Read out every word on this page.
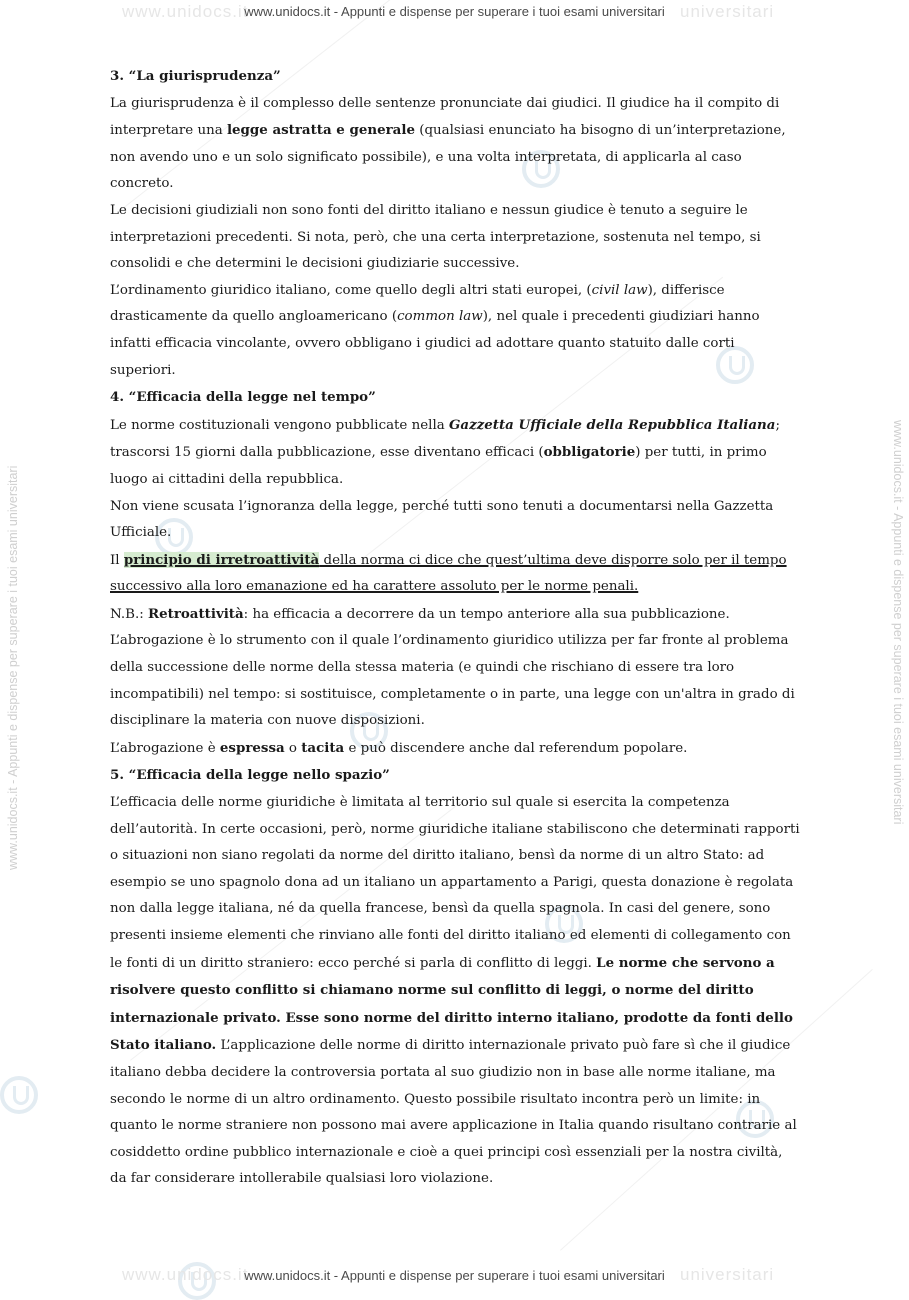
www.unidocs.it	universitari
www.unidocs.it	universitari
www.unidocs.it - Appunti e dispense per superare i tuoi esami universitari
www.unidocs.it - Appunti e dispense per superare i tuoi esami universitari
www.unidocs.it - Appunti e dispense per superare i tuoi esami universitari	www.unidocs.it - Appunti e dispense per superare i tuoi esami universitari

3. “La giurisprudenza”

La giurisprudenza è il complesso delle sentenze pronunciate dai giudici. Il giudice ha il compito di interpretare una legge astratta e generale (qualsiasi enunciato ha bisogno di un’interpretazione, non avendo uno e un solo significato possibile), e una volta interpretata, di applicarla al caso concreto.

Le decisioni giudiziali non sono fonti del diritto italiano e nessun giudice è tenuto a seguire le interpretazioni precedenti. Si nota, però, che una certa interpretazione, sostenuta nel tempo, si consolidi e che determini le decisioni giudiziarie successive.

L’ordinamento giuridico italiano, come quello degli altri stati europei, (civil law), differisce drasticamente da quello angloamericano (common law), nel quale i precedenti giudiziari hanno infatti efficacia vincolante, ovvero obbligano i giudici ad adottare quanto statuito dalle corti superiori.

4. “Efficacia della legge nel tempo”

Le norme costituzionali vengono pubblicate nella Gazzetta Ufficiale della Repubblica Italiana; trascorsi 15 giorni dalla pubblicazione, esse diventano efficaci (obbligatorie) per tutti, in primo luogo ai cittadini della repubblica.

Non viene scusata l’ignoranza della legge, perché tutti sono tenuti a documentarsi nella Gazzetta Ufficiale.

Il principio di irretroattività della norma ci dice che quest’ultima deve disporre solo per il tempo successivo alla loro emanazione ed ha carattere assoluto per le norme penali.

N.B.: Retroattività: ha efficacia a decorrere da un tempo anteriore alla sua pubblicazione.

L’abrogazione è lo strumento con il quale l’ordinamento giuridico utilizza per far fronte al problema della successione delle norme della stessa materia (e quindi che rischiano di essere tra loro incompatibili) nel tempo: si sostituisce, completamente o in parte, una legge con un'altra in grado di disciplinare la materia con nuove disposizioni.

L’abrogazione è espressa o tacita e può discendere anche dal referendum popolare.

5. “Efficacia della legge nello spazio”

L’efficacia delle norme giuridiche è limitata al territorio sul quale si esercita la competenza dell’autorità. In certe occasioni, però, norme giuridiche italiane stabiliscono che determinati rapporti o situazioni non siano regolati da norme del diritto italiano, bensì da norme di un altro Stato: ad esempio se uno spagnolo dona ad un italiano un appartamento a Parigi, questa donazione è regolata non dalla legge italiana, né da quella francese, bensì da quella spagnola. In casi del genere, sono presenti insieme elementi che rinviano alle fonti del diritto italiano ed elementi di collegamento con le fonti di un diritto straniero: ecco perché si parla di conflitto di leggi. Le norme che servono a risolvere questo conflitto si chiamano norme sul conflitto di leggi, o norme del diritto internazionale privato. Esse sono norme del diritto interno italiano, prodotte da fonti dello Stato italiano. L’applicazione delle norme di diritto internazionale privato può fare sì che il giudice italiano debba decidere la controversia portata al suo giudizio non in base alle norme italiane, ma secondo le norme di un altro ordinamento. Questo possibile risultato incontra però un limite: in quanto le norme straniere non possono mai avere applicazione in Italia quando risultano contrarie al cosiddetto ordine pubblico internazionale e cioè a quei principi così essenziali per la nostra civiltà, da far considerare intollerabile qualsiasi loro violazione.
